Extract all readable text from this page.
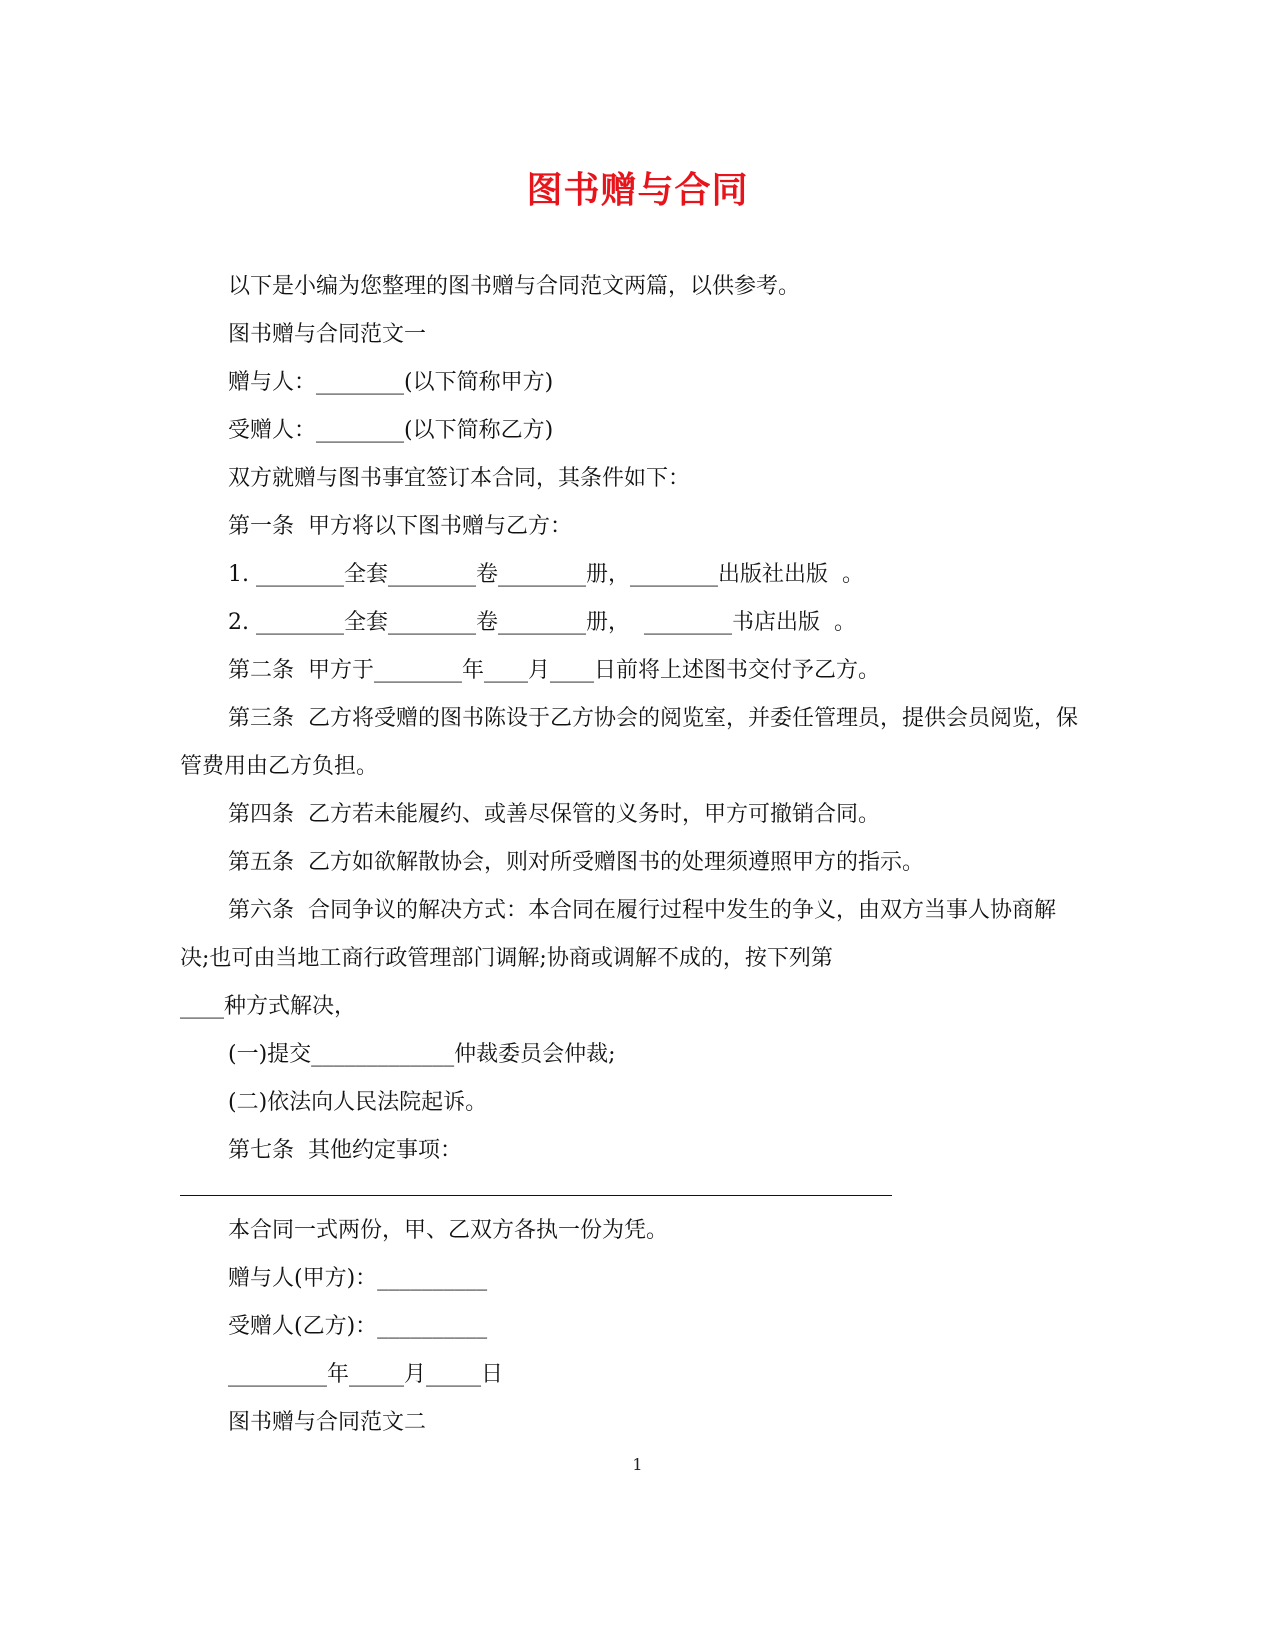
图书赠与合同

以下是小编为您整理的图书赠与合同范文两篇，以供参考。

图书赠与合同范文一

赠与人：________(以下简称甲方)

受赠人：________(以下简称乙方)

双方就赠与图书事宜签订本合同，其条件如下：

第一条  甲方将以下图书赠与乙方：

1. ________全套________卷________册，________出版社出版  。

2. ________全套________卷________册，  ________书店出版  。

第二条  甲方于________年____月____日前将上述图书交付予乙方。

第三条  乙方将受赠的图书陈设于乙方协会的阅览室，并委任管理员，提供会员阅览，保管费用由乙方负担。

第四条  乙方若未能履约、或善尽保管的义务时，甲方可撤销合同。

第五条  乙方如欲解散协会，则对所受赠图书的处理须遵照甲方的指示。

第六条  合同争议的解决方式：本合同在履行过程中发生的争义，由双方当事人协商解决;也可由当地工商行政管理部门调解;协商或调解不成的，按下列第

____种方式解决，

(一)提交_____________仲裁委员会仲裁;

(二)依法向人民法院起诉。

第七条  其他约定事项：

本合同一式两份，甲、乙双方各执一份为凭。

赠与人(甲方)：__________

受赠人(乙方)：__________

_________年_____月_____日

图书赠与合同范文二

1
